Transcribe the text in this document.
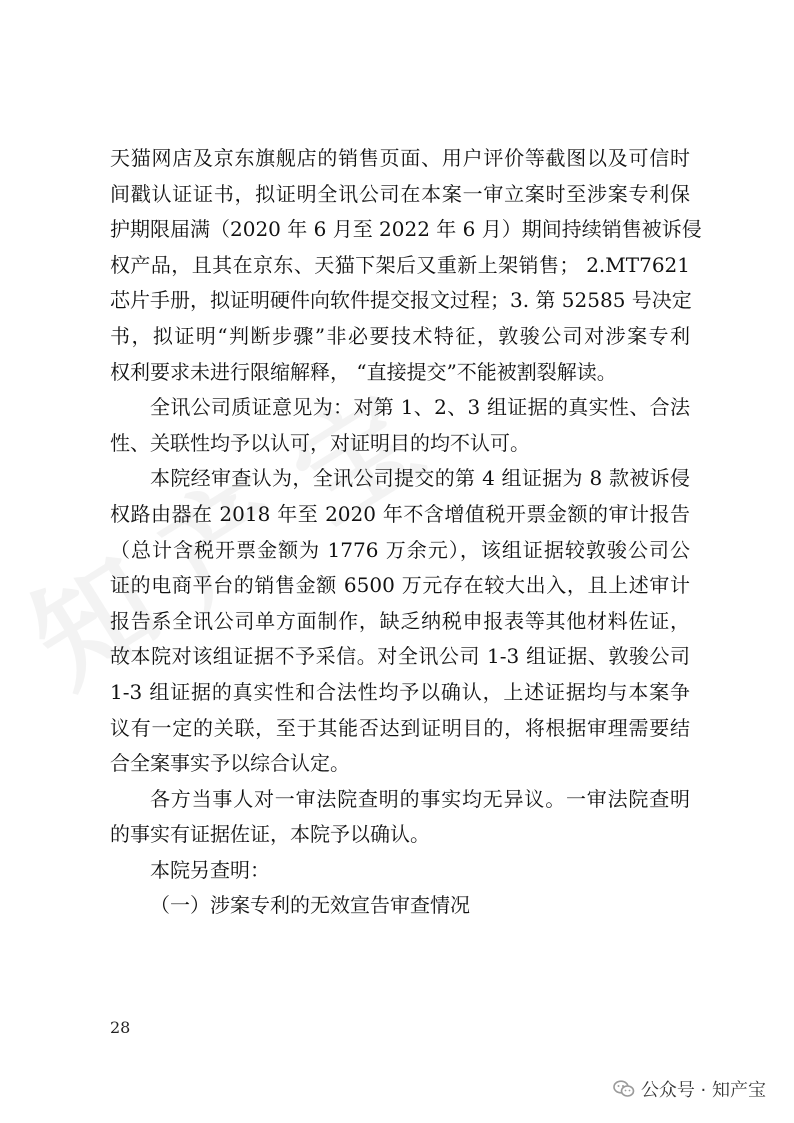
天猫网店及京东旗舰店的销售页面、用户评价等截图以及可信时
间戳认证证书，拟证明全讯公司在本案一审立案时至涉案专利保
护期限届满（2020 年 6 月至 2022 年 6 月）期间持续销售被诉侵
权产品，且其在京东、天猫下架后又重新上架销售； 2.MT7621
芯片手册，拟证明硬件向软件提交报文过程；3. 第 52585 号决定
书，拟证明“判断步骤”非必要技术特征，敦骏公司对涉案专利
权利要求未进行限缩解释， “直接提交”不能被割裂解读。
全讯公司质证意见为：对第 1、2、3 组证据的真实性、合法
性、关联性均予以认可，对证明目的均不认可。
本院经审查认为，全讯公司提交的第 4 组证据为 8 款被诉侵
权路由器在 2018 年至 2020 年不含增值税开票金额的审计报告
（总计含税开票金额为 1776 万余元），该组证据较敦骏公司公
证的电商平台的销售金额 6500 万元存在较大出入，且上述审计
报告系全讯公司单方面制作，缺乏纳税申报表等其他材料佐证，
故本院对该组证据不予采信。对全讯公司 1-3 组证据、敦骏公司
1-3 组证据的真实性和合法性均予以确认，上述证据均与本案争
议有一定的关联，至于其能否达到证明目的，将根据审理需要结
合全案事实予以综合认定。
各方当事人对一审法院查明的事实均无异议。一审法院查明
的事实有证据佐证，本院予以确认。
本院另查明：
（一）涉案专利的无效宣告审查情况
28
公众号 · 知产宝
